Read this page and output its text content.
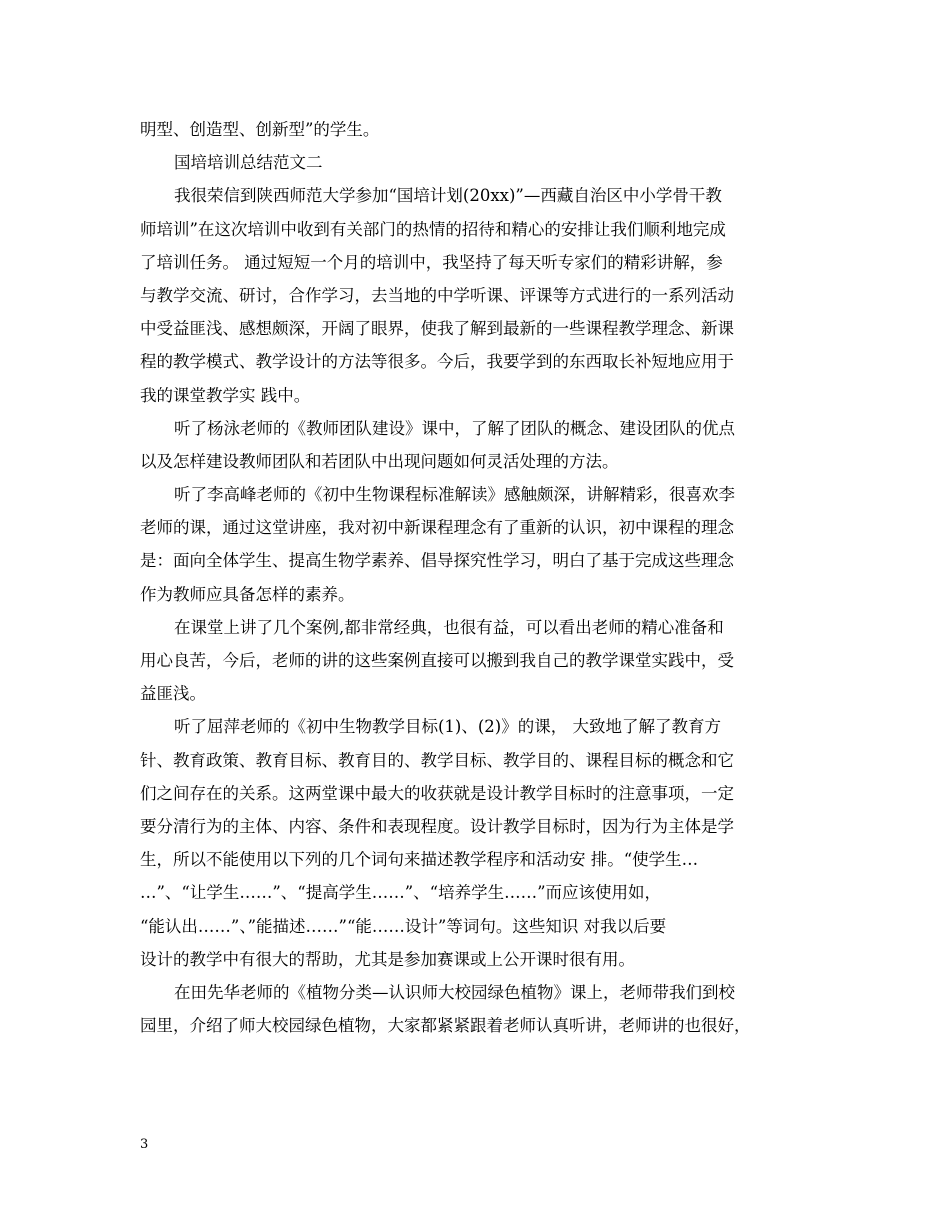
明型、创造型、创新型”的学生。
国培培训总结范文二
我很荣信到陕西师范大学参加“国培计划(20xx)”—西藏自治区中小学骨干教
师培训”在这次培训中收到有关部门的热情的招待和精心的安排让我们顺利地完成
了培训任务。 通过短短一个月的培训中，我坚持了每天听专家们的精彩讲解，参
与教学交流、研讨，合作学习，去当地的中学听课、评课等方式进行的一系列活动
中受益匪浅、感想颇深，开阔了眼界，使我了解到最新的一些课程教学理念、新课
程的教学模式、教学设计的方法等很多。今后，我要学到的东西取长补短地应用于
我的课堂教学实 践中。
听了杨泳老师的《教师团队建设》课中，了解了团队的概念、建设团队的优点
以及怎样建设教师团队和若团队中出现问题如何灵活处理的方法。
听了李高峰老师的《初中生物课程标准解读》感触颇深，讲解精彩，很喜欢李
老师的课，通过这堂讲座，我对初中新课程理念有了重新的认识，初中课程的理念
是：面向全体学生、提高生物学素养、倡导探究性学习，明白了基于完成这些理念
作为教师应具备怎样的素养。
在课堂上讲了几个案例,都非常经典，也很有益，可以看出老师的精心准备和
用心良苦，今后，老师的讲的这些案例直接可以搬到我自己的教学课堂实践中，受
益匪浅。
听了屈萍老师的《初中生物教学目标(1)、(2)》的课， 大致地了解了教育方
针、教育政策、教育目标、教育目的、教学目标、教学目的、课程目标的概念和它
们之间存在的关系。这两堂课中最大的收获就是设计教学目标时的注意事项，一定
要分清行为的主体、内容、条件和表现程度。设计教学目标时，因为行为主体是学
生，所以不能使用以下列的几个词句来描述教学程序和活动安 排。“使学生…
…”、“让学生……”、“提高学生……”、“培养学生……”而应该使用如，
“能认出……”、”能描述……”“能……设计”等词句。这些知识 对我以后要
设计的教学中有很大的帮助，尤其是参加赛课或上公开课时很有用。
在田先华老师的《植物分类—认识师大校园绿色植物》课上，老师带我们到校
园里，介绍了师大校园绿色植物，大家都紧紧跟着老师认真听讲，老师讲的也很好，
3
